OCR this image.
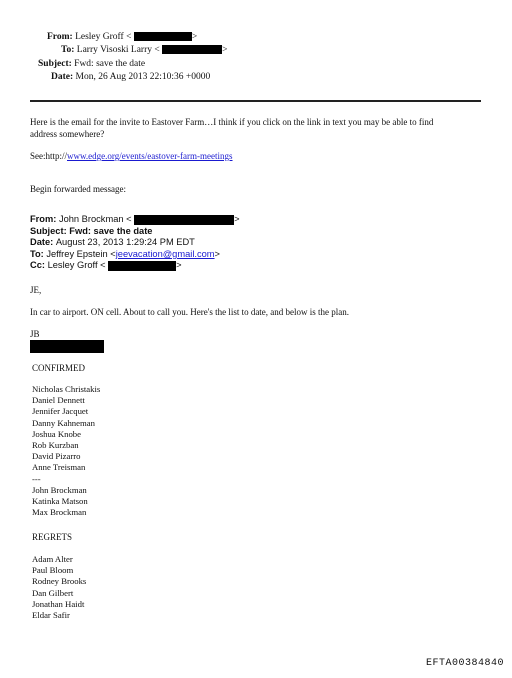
From: Lesley Groff <	>
To: Larry Visoski Larry <	>
Subject: Fwd: save the date
Date: Mon, 26 Aug 2013 22:10:36 +0000
Here is the email for the invite to Eastover Farm…I think if you click on the link in text you may be able to find
address somewhere?
See:http://www.edge.org/events/eastover-farm-meetings
Begin forwarded message:
From: John Brockman <	>
Subject: Fwd: save the date
Date: August 23, 2013 1:29:24 PM EDT
To: Jeffrey Epstein <jeevacation@gmail.com>
Cc: Lesley Groff <	>
JE,
In car to airport. ON cell. About to call you. Here's the list to date, and below is the plan.
JB
CONFIRMED
Nicholas Christakis
Daniel Dennett
Jennifer Jacquet
Danny Kahneman
Joshua Knobe
Rob Kurzban
David Pizarro
Anne Treisman
---
John Brockman
Katinka Matson
Max Brockman
REGRETS
Adam Alter
Paul Bloom
Rodney Brooks
Dan Gilbert
Jonathan Haidt
Eldar Safir
EFTA00384840
